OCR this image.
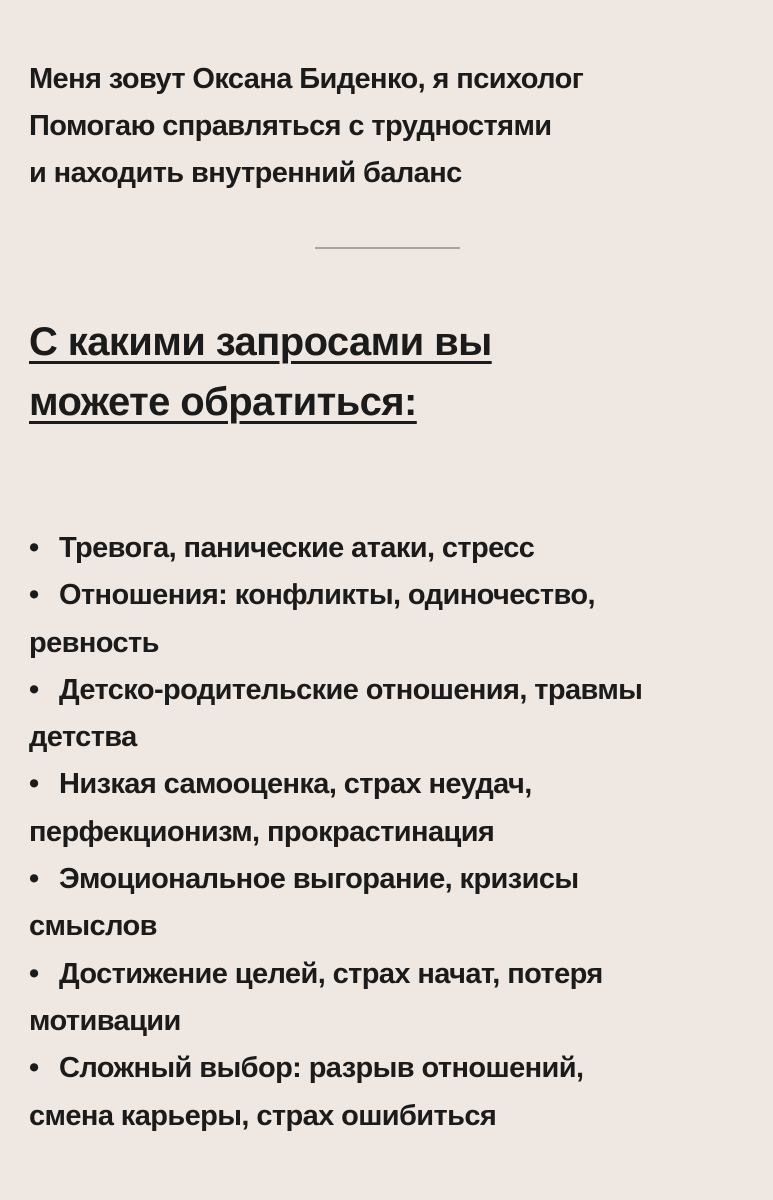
Меня зовут Оксана Биденко, я психолог
Помогаю справляться с трудностями
и находить внутренний баланс
С какими запросами вы
можете обратиться:
• Тревога, панические атаки, стресс
• Отношения: конфликты, одиночество,
ревность
• Детско-родительские отношения, травмы
детства
• Низкая самооценка, страх неудач,
перфекционизм, прокрастинация
• Эмоциональное выгорание, кризисы
смыслов
• Достижение целей, страх начат, потеря
мотивации
• Сложный выбор: разрыв отношений,
смена карьеры, страх ошибиться
